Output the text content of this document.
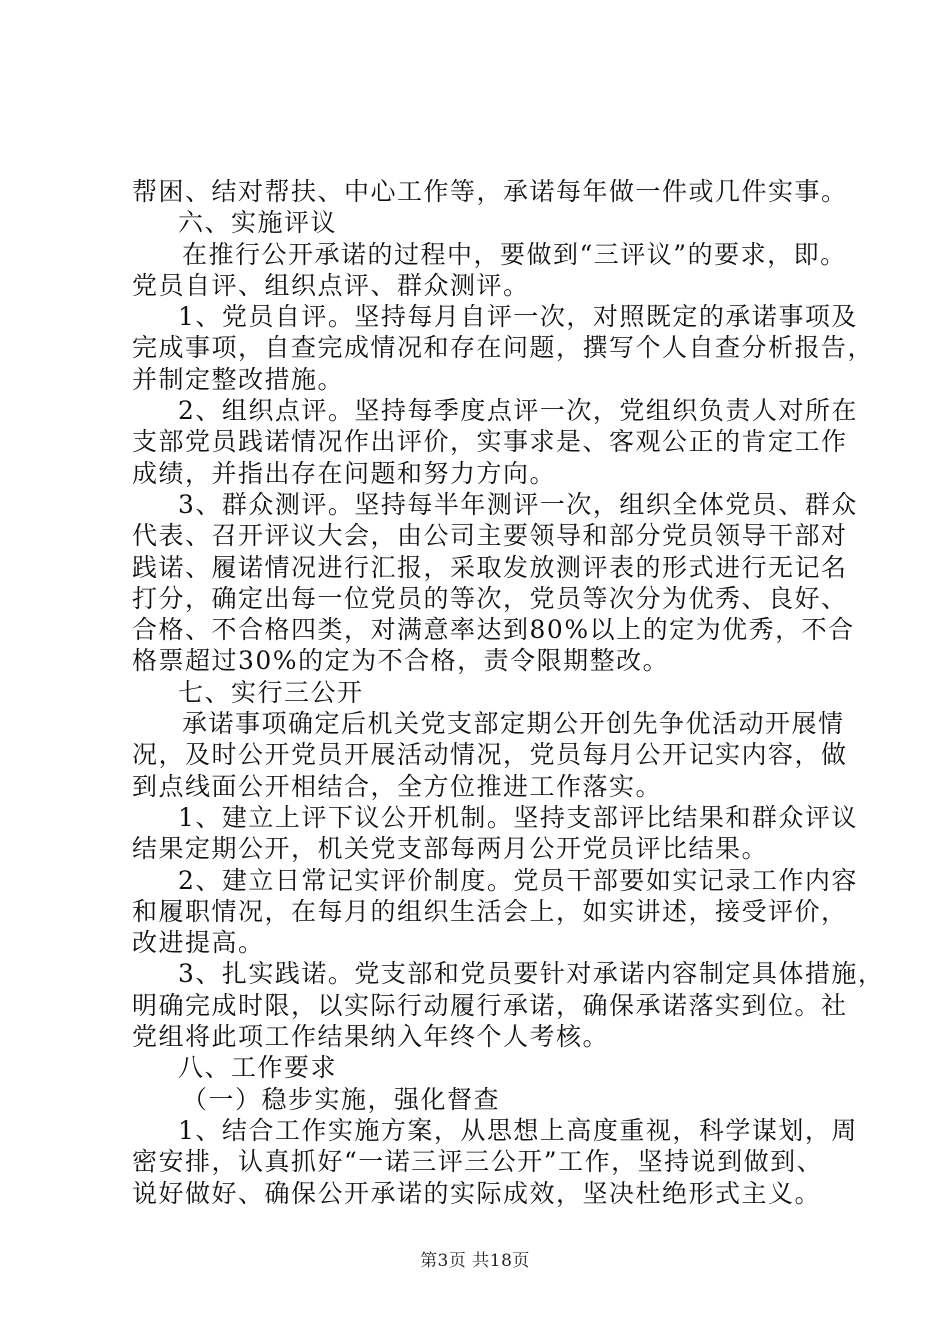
帮困、结对帮扶、中心工作等，承诺每年做一件或几件实事。
六、实施评议
在推行公开承诺的过程中，要做到“三评议”的要求，即。
党员自评、组织点评、群众测评。
1、党员自评。坚持每月自评一次，对照既定的承诺事项及
完成事项，自查完成情况和存在问题，撰写个人自查分析报告，
并制定整改措施。
2、组织点评。坚持每季度点评一次，党组织负责人对所在
支部党员践诺情况作出评价，实事求是、客观公正的肯定工作
成绩，并指出存在问题和努力方向。
3、群众测评。坚持每半年测评一次，组织全体党员、群众
代表、召开评议大会，由公司主要领导和部分党员领导干部对
践诺、履诺情况进行汇报，采取发放测评表的形式进行无记名
打分，确定出每一位党员的等次，党员等次分为优秀、良好、
合格、不合格四类，对满意率达到80%以上的定为优秀，不合
格票超过30%的定为不合格，责令限期整改。
七、实行三公开
承诺事项确定后机关党支部定期公开创先争优活动开展情
况，及时公开党员开展活动情况，党员每月公开记实内容，做
到点线面公开相结合，全方位推进工作落实。
1、建立上评下议公开机制。坚持支部评比结果和群众评议
结果定期公开，机关党支部每两月公开党员评比结果。
2、建立日常记实评价制度。党员干部要如实记录工作内容
和履职情况，在每月的组织生活会上，如实讲述，接受评价，
改进提高。
3、扎实践诺。党支部和党员要针对承诺内容制定具体措施，
明确完成时限，以实际行动履行承诺，确保承诺落实到位。社
党组将此项工作结果纳入年终个人考核。
八、工作要求
（一）稳步实施，强化督查
1、结合工作实施方案，从思想上高度重视，科学谋划，周
密安排，认真抓好“一诺三评三公开”工作，坚持说到做到、
说好做好、确保公开承诺的实际成效，坚决杜绝形式主义。
第3页 共18页
